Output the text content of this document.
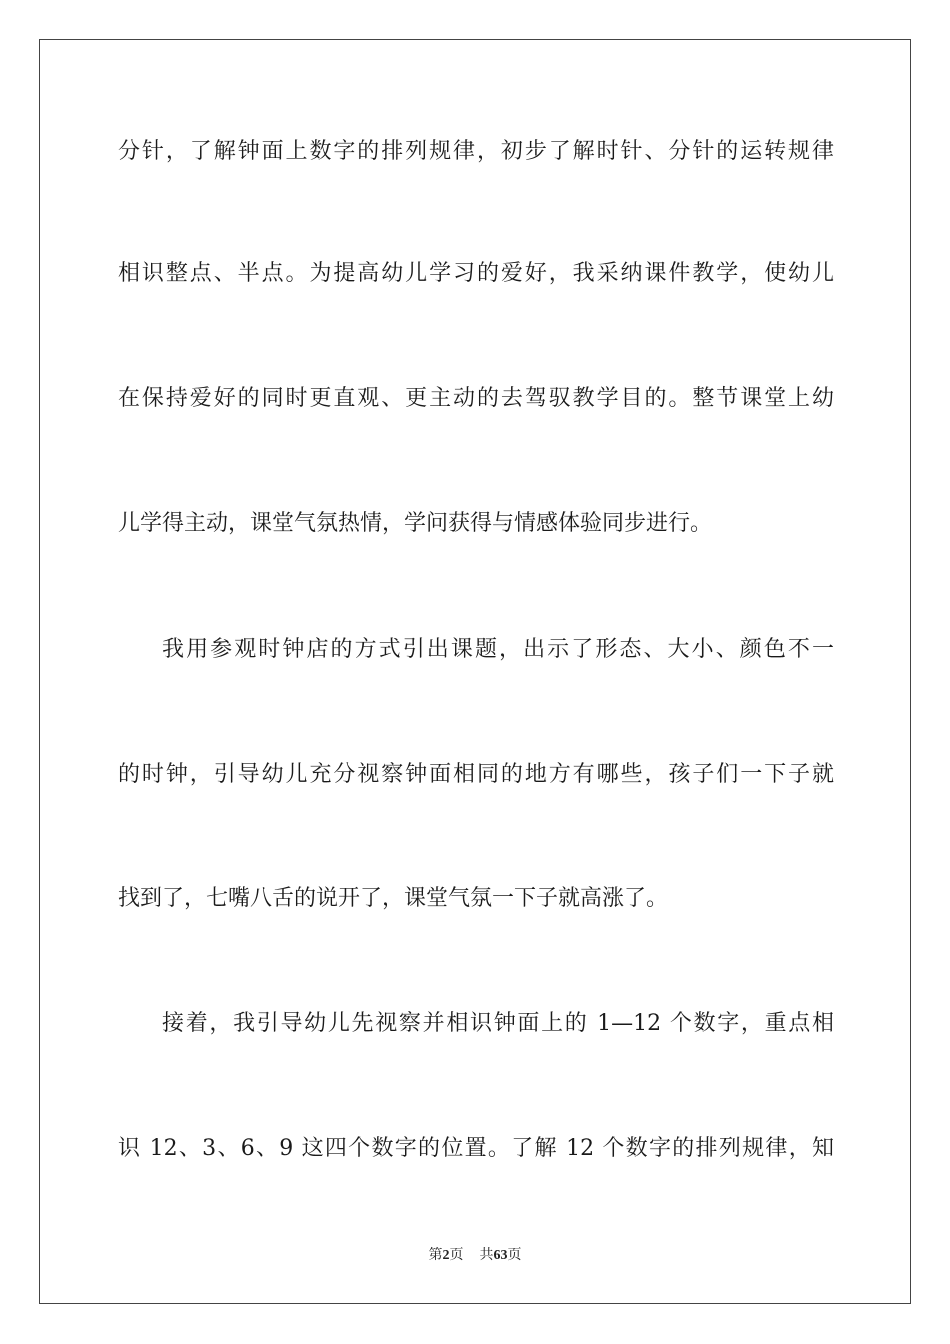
分针，了解钟面上数字的排列规律，初步了解时针、分针的运转规律
相识整点、半点。为提高幼儿学习的爱好，我采纳课件教学，使幼儿
在保持爱好的同时更直观、更主动的去驾驭教学目的。整节课堂上幼
儿学得主动，课堂气氛热情，学问获得与情感体验同步进行。
我用参观时钟店的方式引出课题，出示了形态、大小、颜色不一
的时钟，引导幼儿充分视察钟面相同的地方有哪些，孩子们一下子就
找到了，七嘴八舌的说开了，课堂气氛一下子就高涨了。
接着，我引导幼儿先视察并相识钟面上的 1—12 个数字，重点相
识 12、3、6、9 这四个数字的位置。了解 12 个数字的排列规律，知
第2页 共63页
